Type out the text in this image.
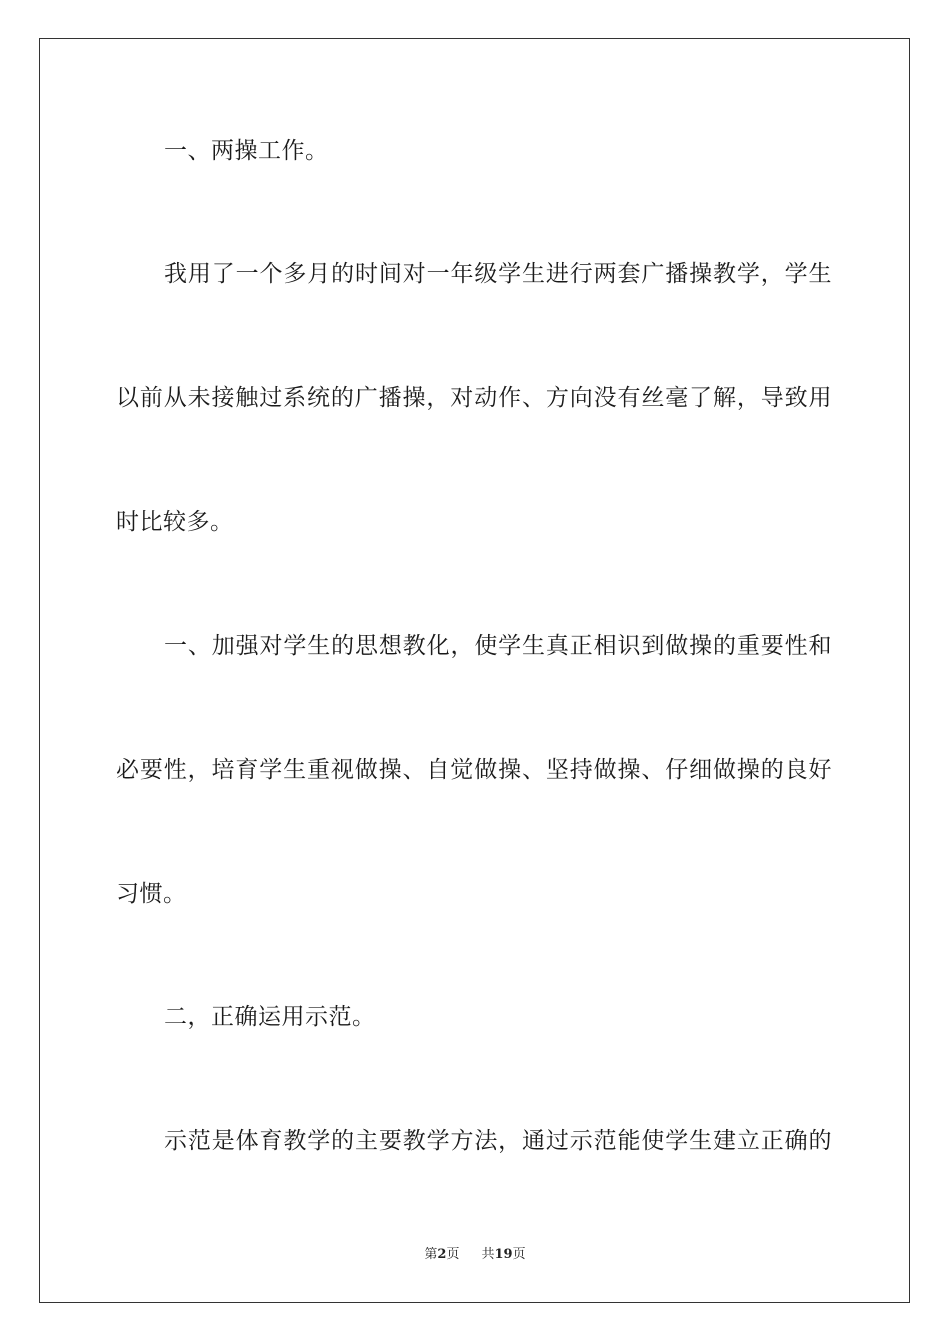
一、两操工作。
我用了一个多月的时间对一年级学生进行两套广播操教学，学生
以前从未接触过系统的广播操，对动作、方向没有丝毫了解，导致用
时比较多。
一、加强对学生的思想教化，使学生真正相识到做操的重要性和
必要性，培育学生重视做操、自觉做操、坚持做操、仔细做操的良好
习惯。
二，正确运用示范。
示范是体育教学的主要教学方法，通过示范能使学生建立正确的
第2页 共19页
